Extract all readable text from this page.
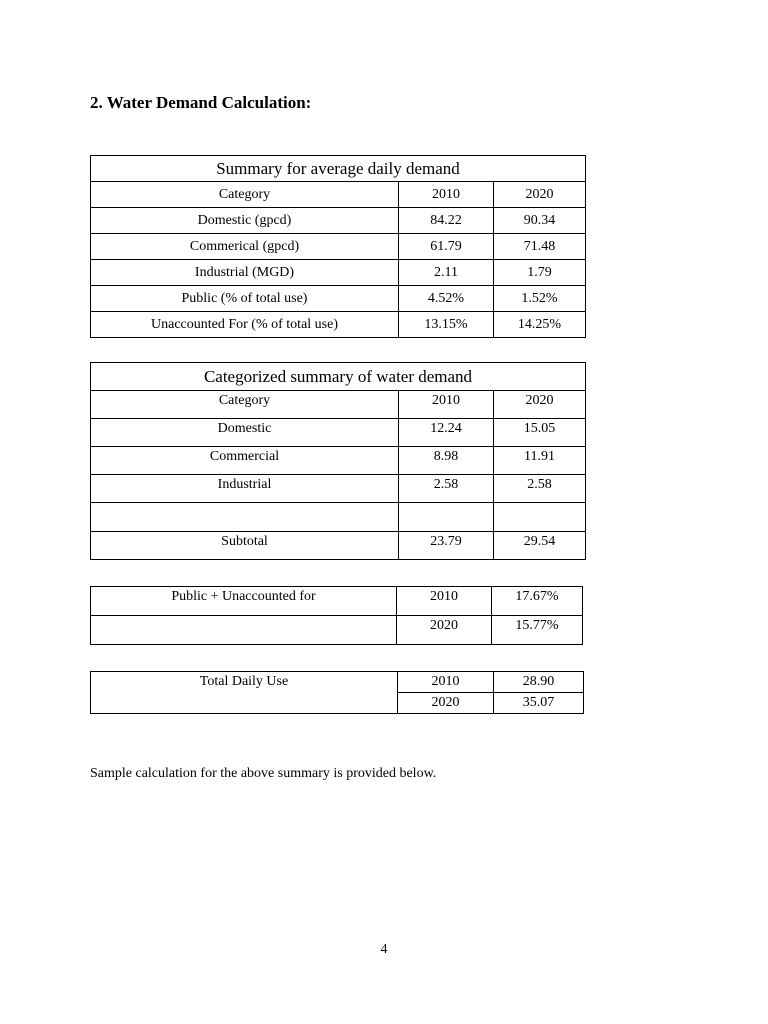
2. Water Demand Calculation:
Summary for average daily demand		
Category	2010	2020
Domestic (gpcd)	84.22	90.34
Commerical (gpcd)	61.79	71.48
Industrial (MGD)	2.11	1.79
Public (% of total use)	4.52%	1.52%
Unaccounted For (% of total use)	13.15%	14.25%
Categorized summary of water demand		
Category	2010	2020
Domestic	12.24	15.05
Commercial	8.98	11.91
Industrial	2.58	2.58

Subtotal	23.79	29.54
Public + Unaccounted for	2010	17.67%
	2020	15.77%
Total Daily Use	2010	28.90
	2020	35.07
Sample calculation for the above summary is provided below.
4
